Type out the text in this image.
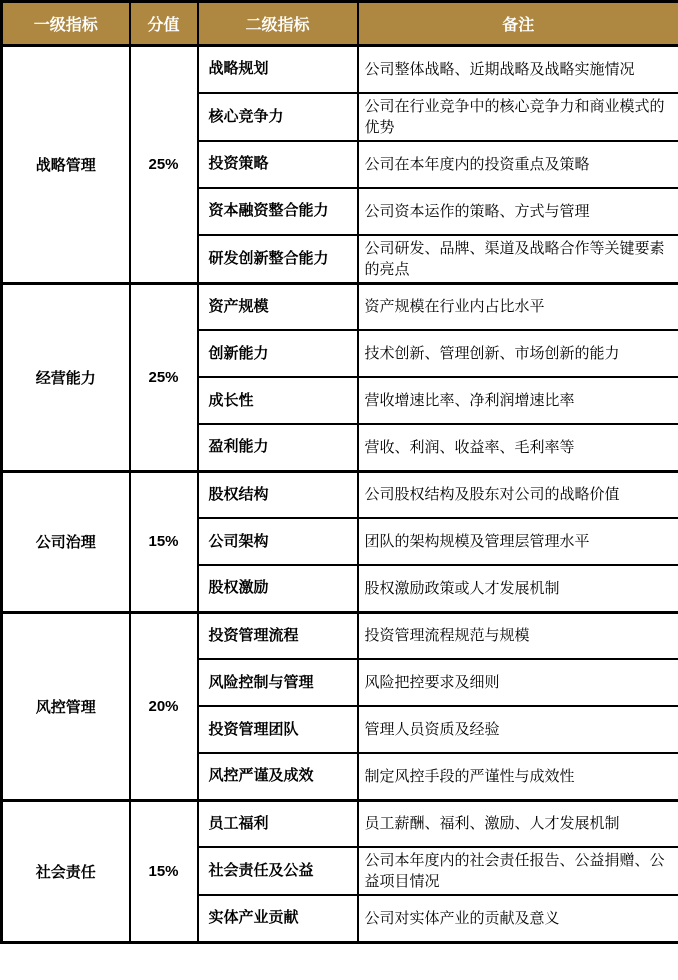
一级指标	分值	二级指标	备注
战略管理	25%	战略规划	公司整体战略、近期战略及战略实施情况
		核心竞争力	公司在行业竞争中的核心竞争力和商业模式的优势
		投资策略	公司在本年度内的投资重点及策略
		资本融资整合能力	公司资本运作的策略、方式与管理
		研发创新整合能力	公司研发、品牌、渠道及战略合作等关键要素的亮点
经营能力	25%	资产规模	资产规模在行业内占比水平
		创新能力	技术创新、管理创新、市场创新的能力
		成长性	营收增速比率、净利润增速比率
		盈利能力	营收、利润、收益率、毛利率等
公司治理	15%	股权结构	公司股权结构及股东对公司的战略价值
		公司架构	团队的架构规模及管理层管理水平
		股权激励	股权激励政策或人才发展机制
风控管理	20%	投资管理流程	投资管理流程规范与规模
		风险控制与管理	风险把控要求及细则
		投资管理团队	管理人员资质及经验
		风控严谨及成效	制定风控手段的严谨性与成效性
社会责任	15%	员工福利	员工薪酬、福利、激励、人才发展机制
		社会责任及公益	公司本年度内的社会责任报告、公益捐赠、公益项目情况
		实体产业贡献	公司对实体产业的贡献及意义
